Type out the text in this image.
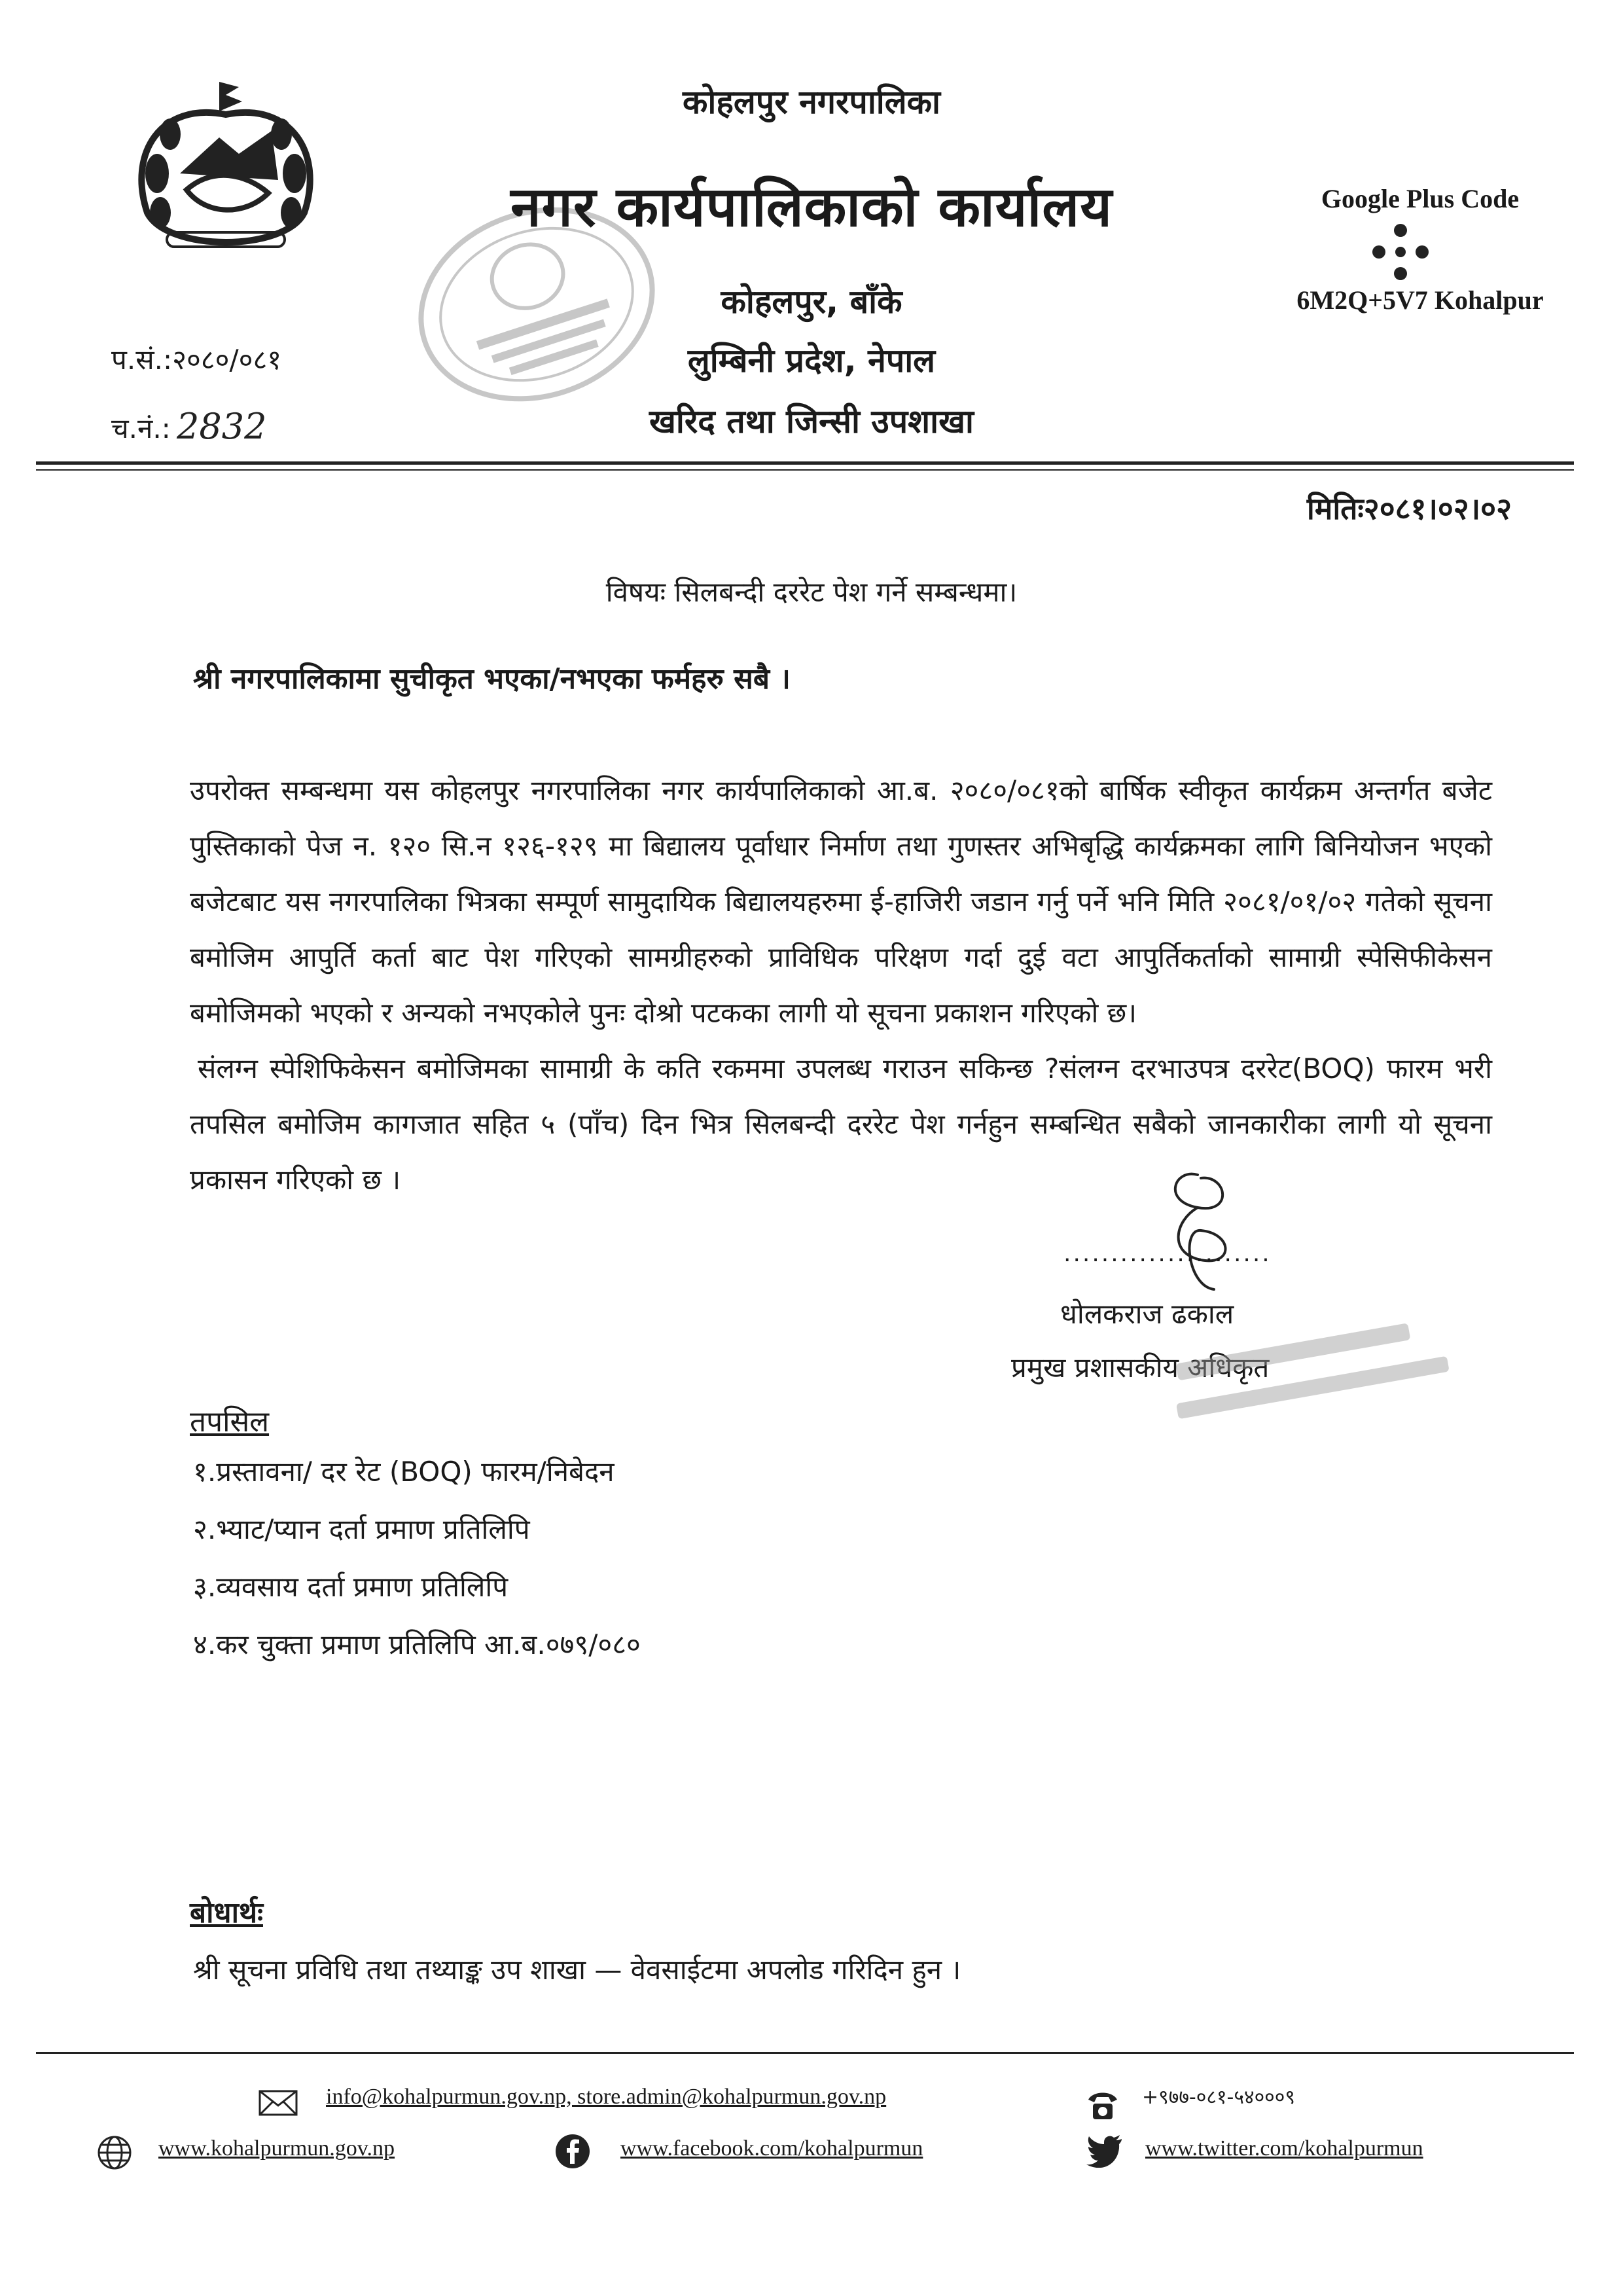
कोहलपुर नगरपालिका
नगर कार्यपालिकाको कार्यालय
कोहलपुर, बाँके
लुम्बिनी प्रदेश, नेपाल
खरिद तथा जिन्सी उपशाखा
Google Plus Code
6M2Q+5V7 Kohalpur
प.सं.:२०८०/०८१
च.नं.: 2832
मितिः२०८१।०२।०२
विषयः सिलबन्दी दररेट पेश गर्ने सम्बन्धमा।
श्री नगरपालिकामा सुचीकृत भएका/नभएका फर्महरु सबै ।
उपरोक्त सम्बन्धमा यस कोहलपुर नगरपालिका नगर कार्यपालिकाको आ.ब. २०८०/०८१को बार्षिक स्वीकृत कार्यक्रम अन्तर्गत बजेट पुस्तिकाको पेज न. १२० सि.न १२६-१२९ मा बिद्यालय पूर्वाधार निर्माण तथा गुणस्तर अभिबृद्धि कार्यक्रमका लागि बिनियोजन भएको बजेटबाट यस नगरपालिका भित्रका सम्पूर्ण सामुदायिक बिद्यालयहरुमा ई-हाजिरी जडान गर्नु पर्ने भनि मिति २०८१/०१/०२ गतेको सूचना बमोजिम आपुर्ति कर्ता बाट पेश गरिएको सामग्रीहरुको प्राविधिक परिक्षण गर्दा दुई वटा आपुर्तिकर्ताको सामाग्री स्पेसिफीकेसन बमोजिमको भएको र अन्यको नभएकोले पुनः दोश्रो पटकका लागी यो सूचना प्रकाशन गरिएको छ।
संलग्न स्पेशिफिकेसन बमोजिमका सामाग्री के कति रकममा उपलब्ध गराउन सकिन्छ ?संलग्न दरभाउपत्र दररेट(BOQ) फारम भरी तपसिल बमोजिम कागजात सहित ५ (पाँच) दिन भित्र सिलबन्दी दररेट पेश गर्नहुन सम्बन्धित सबैको जानकारीका लागी यो सूचना प्रकासन गरिएको छ ।
......................
धोलकराज ढकाल
प्रमुख प्रशासकीय अधिकृत
तपसिल
१.प्रस्तावना/ दर रेट (BOQ) फारम/निबेदन
२.भ्याट/प्यान दर्ता प्रमाण प्रतिलिपि
३.व्यवसाय दर्ता प्रमाण प्रतिलिपि
४.कर चुक्ता प्रमाण प्रतिलिपि आ.ब.०७९/०८०
बोधार्थः
श्री सूचना प्रविधि तथा तथ्याङ्क उप शाखा — वेवसाईटमा अपलोड गरिदिन हुन ।
info@kohalpurmun.gov.np, store.admin@kohalpurmun.gov.np	+९७७-०८१-५४०००९
www.kohalpurmun.gov.np	www.facebook.com/kohalpurmun	www.twitter.com/kohalpurmun
